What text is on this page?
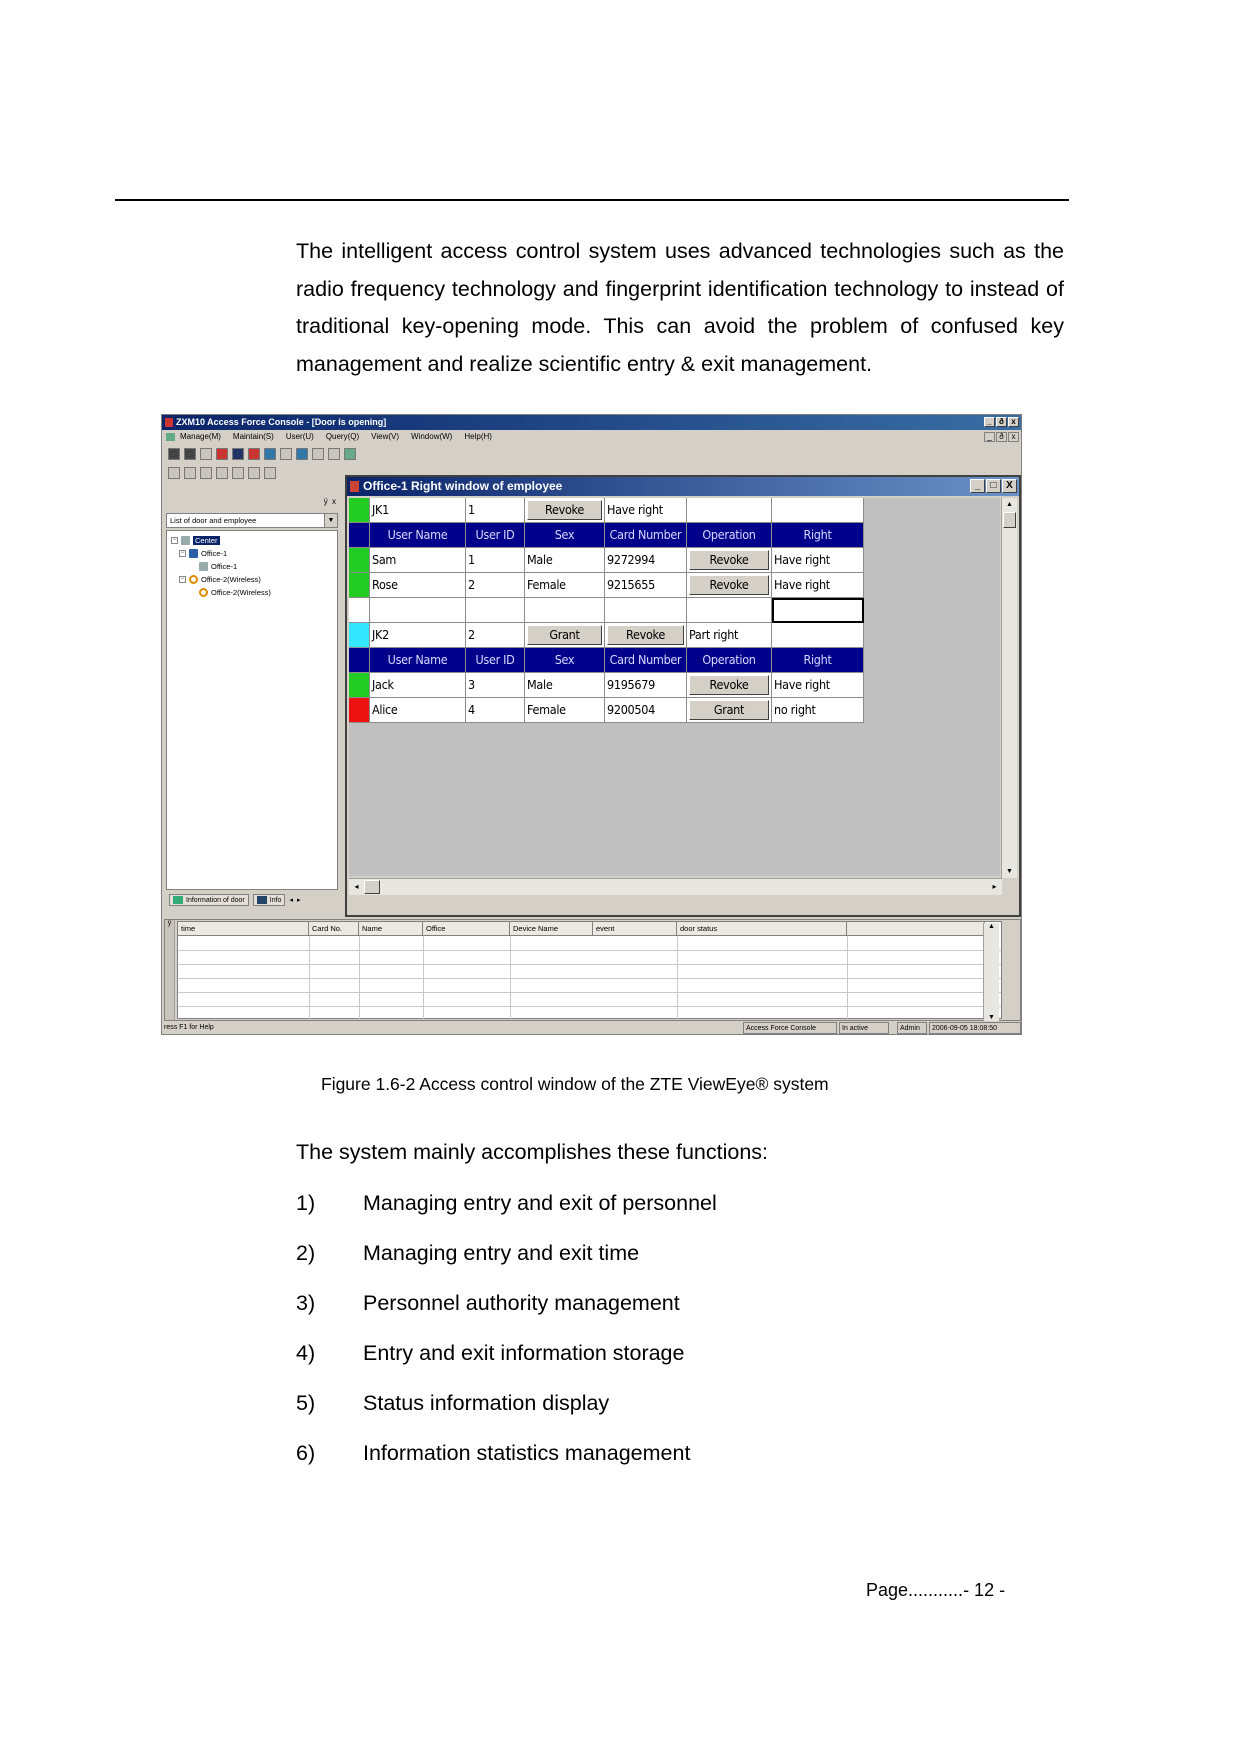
The intelligent access control system uses advanced technologies such as the radio frequency technology and fingerprint identification technology to instead of traditional key-opening mode. This can avoid the problem of confused key management and realize scientific entry & exit management.

ZXM10 Access Force Console - [Door is opening]	_ ð x
Manage(M) Maintain(S) User(U) Query(Q) View(V) Window(W) Help(H)	_ ð x
ÿ x
List of door and employee	▼
−	Center
− Office-1
Office-1
− Office-2(Wireless)
Office-2(Wireless)
Information of door	Info ◂ ▸
Office-1 Right window of employee	_	□ X
JK1	1	Revoke	Have right
User Name	User ID	Sex	Card Number	Operation	Right
Sam	1	Male	9272994	Revoke	Have right
Rose	2	Female	9215655	Revoke	Have right
JK2	2	Grant	Revoke	Part right
User Name	User ID	Sex	Card Number	Operation	Right
Jack	3	Male	9195679	Revoke	Have right
Alice	4	Female	9200504	Grant	no right
▲
▼
◂	▸
ÿ
time	Card No.	Name	Office	Device Name	event	door status	▲
▼
ress F1 for Help	Access Force Console	In active	Admin	2006-09-05 18:08:50
Figure 1.6-2 Access control window of the ZTE ViewEye® system
The system mainly accomplishes these functions:
1) Managing entry and exit of personnel
2) Managing entry and exit time
3) Personnel authority management
4) Entry and exit information storage
5) Status information display
6) Information statistics management
Page...........- 12 -
